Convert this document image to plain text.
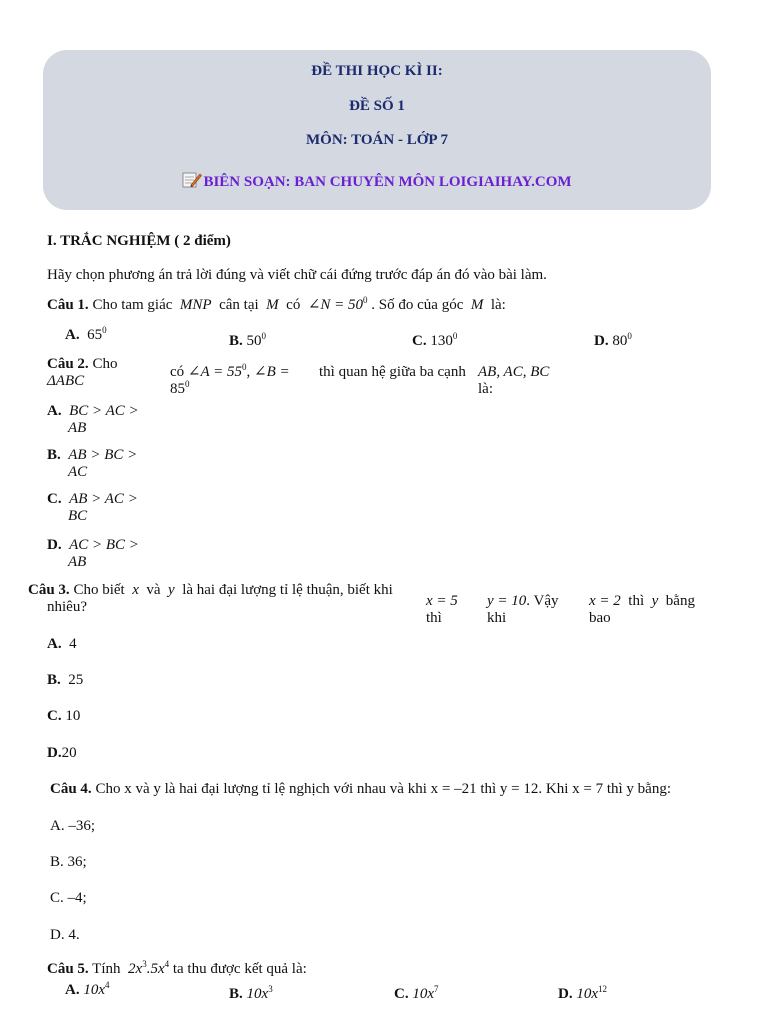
ĐỀ THI HỌC KÌ II:
ĐỀ SỐ 1
MÔN: TOÁN - LỚP 7
BIÊN SOẠN: BAN CHUYÊN MÔN LOIGIAIHAY.COM
I. TRẮC NGHIỆM ( 2 điểm)
Hãy chọn phương án trả lời đúng và viết chữ cái đứng trước đáp án đó vào bài làm.
Câu 1. Cho tam giác MNP cân tại M có ∠N = $50^0$ . Số đo của góc M là:
A. $65^0$
B. $50^0$	C. $130^0$	D. $80^0$
Câu 2. Cho
ΔABC
có ∠A = $55^0$, ∠B =
$85^0$
thì quan hệ giữa ba cạnh AB, AC, BC
là:
A. BC > AC >
AB
B. AB > BC >
AC
C. AB > AC >
BC
D. AC > BC >
AB
Câu 3. Cho biết x và y là hai đại lượng tỉ lệ thuận, biết khi
nhiêu?	x = 5
thì
y = 10. Vậy
khi
x = 2 thì y bằng
bao
A. 4
B. 25
C. 10
D.20
Câu 4. Cho x và y là hai đại lượng tỉ lệ nghịch với nhau và khi x = –21 thì y = 12. Khi x = 7 thì y bằng:
A. –36;
B. 36;
C. –4;
D. 4.
Câu 5. Tính $2x^3.5x^4$ ta thu được kết quả là:
A. $10x^4$
B. $10x^3$	C. $10x^7$	D. $10x^{12}$
